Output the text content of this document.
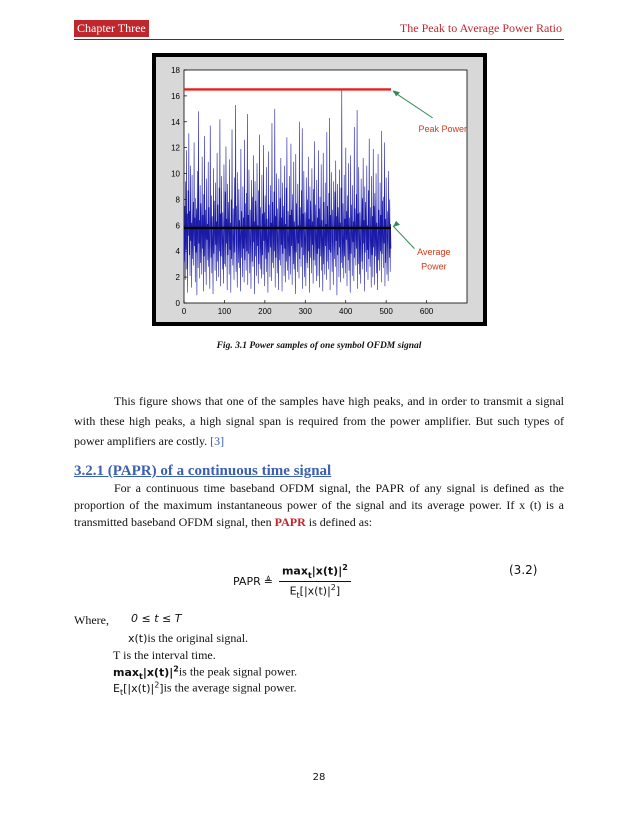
Chapter Three	The Peak to Average Power Ratio
0
2
4
6
8
10
12
14
16
18
0	100	200	300	400	500	600
Peak Power
Average
Power
Fig. 3.1 Power samples of one symbol OFDM signal
This figure shows that one of the samples have high peaks, and in order to transmit a signal with these high peaks, a high signal span is required from the power amplifier. But such types of power amplifiers are costly. [3]
3.2.1 (PAPR) of a continuous time signal
For a continuous time baseband OFDM signal, the PAPR of any signal is defined as the proportion of the maximum instantaneous power of the signal and its average power. If x (t) is a transmitted baseband OFDM signal, then PAPR is defined as:
PAPR ≜ $\frac{\max_t|x(t)|^2}{E_t[|x(t)|^2]}$	(3.2)
Where, 0 ≤ t ≤ T
x(t)is the original signal.
T is the interval time.
$\max_t|x(t)|^2is$ the peak signal power.
$E_t[|x(t)|^2]is$ the average signal power.
28
